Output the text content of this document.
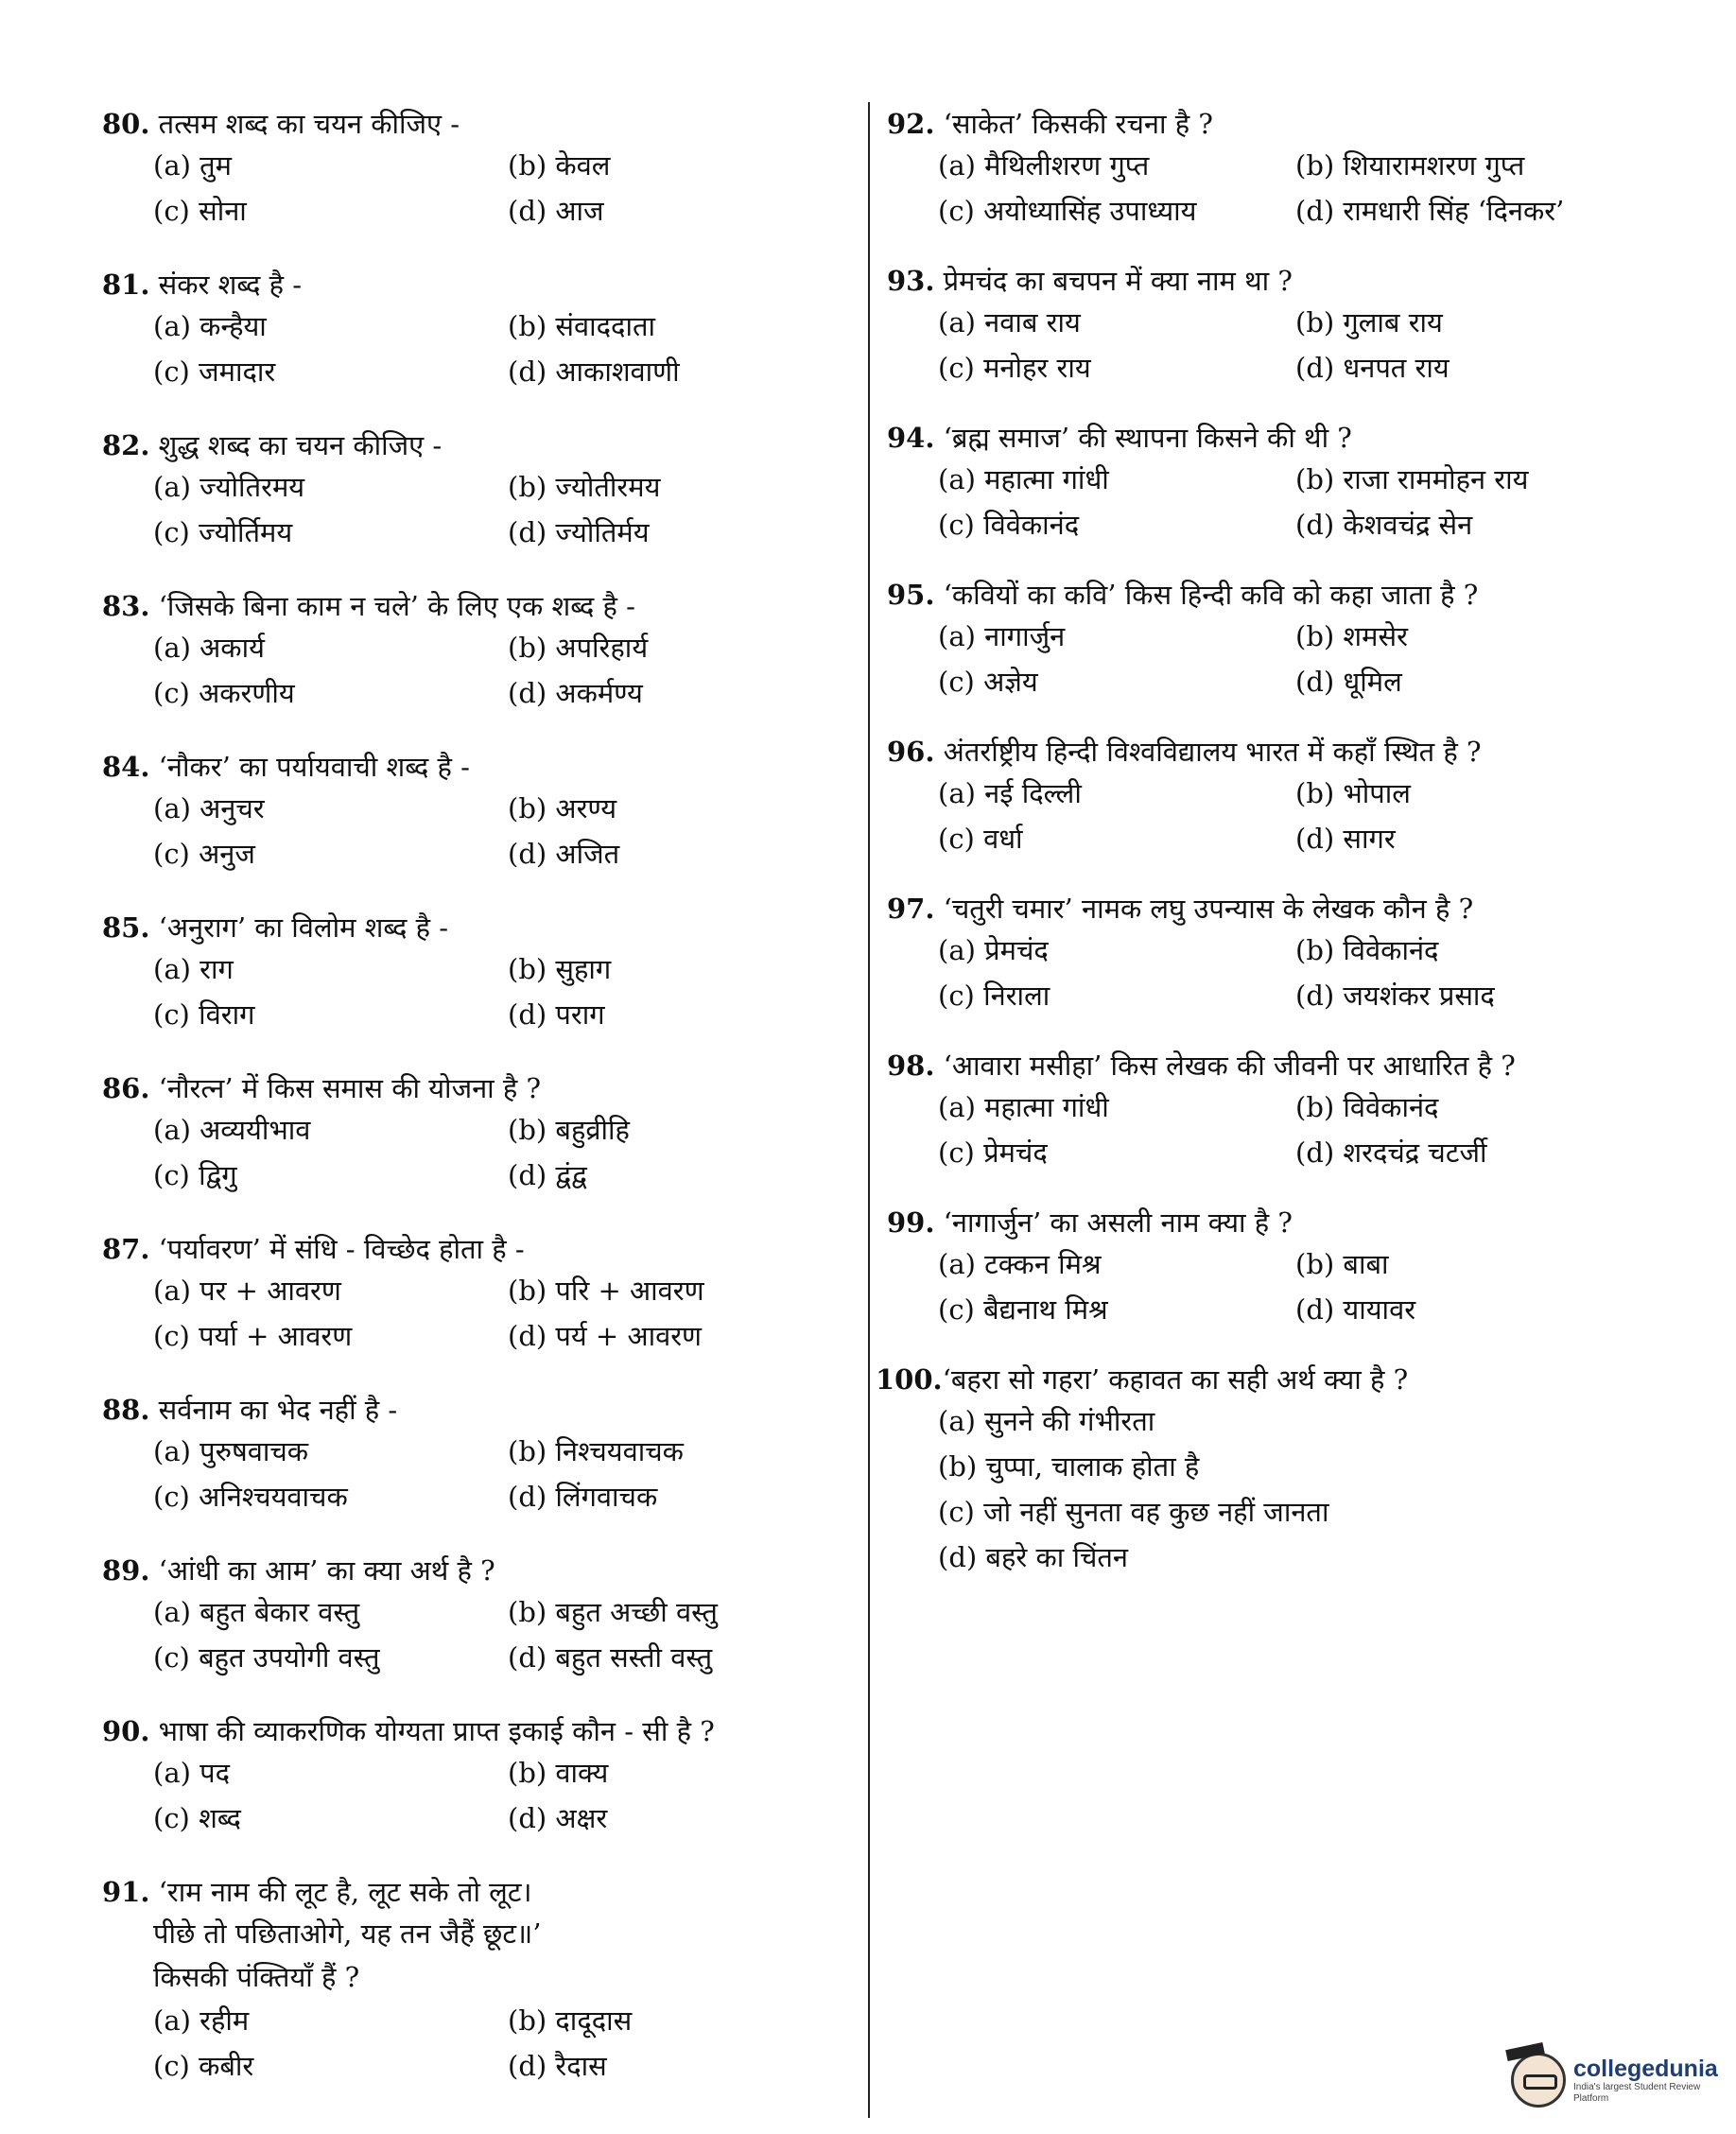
80. तत्सम शब्द का चयन कीजिए -
(a) तुम	(b) केवल
(c) सोना	(d) आज
81. संकर शब्द है -
(a) कन्हैया	(b) संवाददाता
(c) जमादार	(d) आकाशवाणी
82. शुद्ध शब्द का चयन कीजिए -
(a) ज्योतिरमय	(b) ज्योतीरमय
(c) ज्योर्तिमय	(d) ज्योतिर्मय
83. ‘जिसके बिना काम न चले’ के लिए एक शब्द है -
(a) अकार्य	(b) अपरिहार्य
(c) अकरणीय	(d) अकर्मण्य
84. ‘नौकर’ का पर्यायवाची शब्द है -
(a) अनुचर	(b) अरण्य
(c) अनुज	(d) अजित
85. ‘अनुराग’ का विलोम शब्द है -
(a) राग	(b) सुहाग
(c) विराग	(d) पराग
86. ‘नौरत्न’ में किस समास की योजना है ?
(a) अव्ययीभाव	(b) बहुव्रीहि
(c) द्विगु	(d) द्वंद्व
87. ‘पर्यावरण’ में संधि - विच्छेद होता है -
(a) पर + आवरण	(b) परि + आवरण
(c) पर्या + आवरण	(d) पर्य + आवरण
88. सर्वनाम का भेद नहीं है -
(a) पुरुषवाचक	(b) निश्चयवाचक
(c) अनिश्चयवाचक	(d) लिंगवाचक
89. ‘आंधी का आम’ का क्या अर्थ है ?
(a) बहुत बेकार वस्तु	(b) बहुत अच्छी वस्तु
(c) बहुत उपयोगी वस्तु	(d) बहुत सस्ती वस्तु
90. भाषा की व्याकरणिक योग्यता प्राप्त इकाई कौन - सी है ?
(a) पद	(b) वाक्य
(c) शब्द	(d) अक्षर
91. ‘राम नाम की लूट है, लूट सके तो लूट।
पीछे तो पछिताओगे, यह तन जैहैं छूट॥’
किसकी पंक्तियाँ हैं ?
(a) रहीम	(b) दादूदास
(c) कबीर	(d) रैदास
92. ‘साकेत’ किसकी रचना है ?
(a) मैथिलीशरण गुप्त	(b) शियारामशरण गुप्त
(c) अयोध्यासिंह उपाध्याय	(d) रामधारी सिंह ‘दिनकर’
93. प्रेमचंद का बचपन में क्या नाम था ?
(a) नवाब राय	(b) गुलाब राय
(c) मनोहर राय	(d) धनपत राय
94. ‘ब्रह्म समाज’ की स्थापना किसने की थी ?
(a) महात्मा गांधी	(b) राजा राममोहन राय
(c) विवेकानंद	(d) केशवचंद्र सेन
95. ‘कवियों का कवि’ किस हिन्दी कवि को कहा जाता है ?
(a) नागार्जुन	(b) शमसेर
(c) अज्ञेय	(d) धूमिल
96. अंतर्राष्ट्रीय हिन्दी विश्वविद्यालय भारत में कहाँ स्थित है ?
(a) नई दिल्ली	(b) भोपाल
(c) वर्धा	(d) सागर
97. ‘चतुरी चमार’ नामक लघु उपन्यास के लेखक कौन है ?
(a) प्रेमचंद	(b) विवेकानंद
(c) निराला	(d) जयशंकर प्रसाद
98. ‘आवारा मसीहा’ किस लेखक की जीवनी पर आधारित है ?
(a) महात्मा गांधी	(b) विवेकानंद
(c) प्रेमचंद	(d) शरदचंद्र चटर्जी
99. ‘नागार्जुन’ का असली नाम क्या है ?
(a) टक्कन मिश्र	(b) बाबा
(c) बैद्यनाथ मिश्र	(d) यायावर
100.‘बहरा सो गहरा’ कहावत का सही अर्थ क्या है ?
(a) सुनने की गंभीरता
(b) चुप्पा, चालाक होता है
(c) जो नहीं सुनता वह कुछ नहीं जानता
(d) बहरे का चिंतन
collegedunia
India's largest Student Review Platform
